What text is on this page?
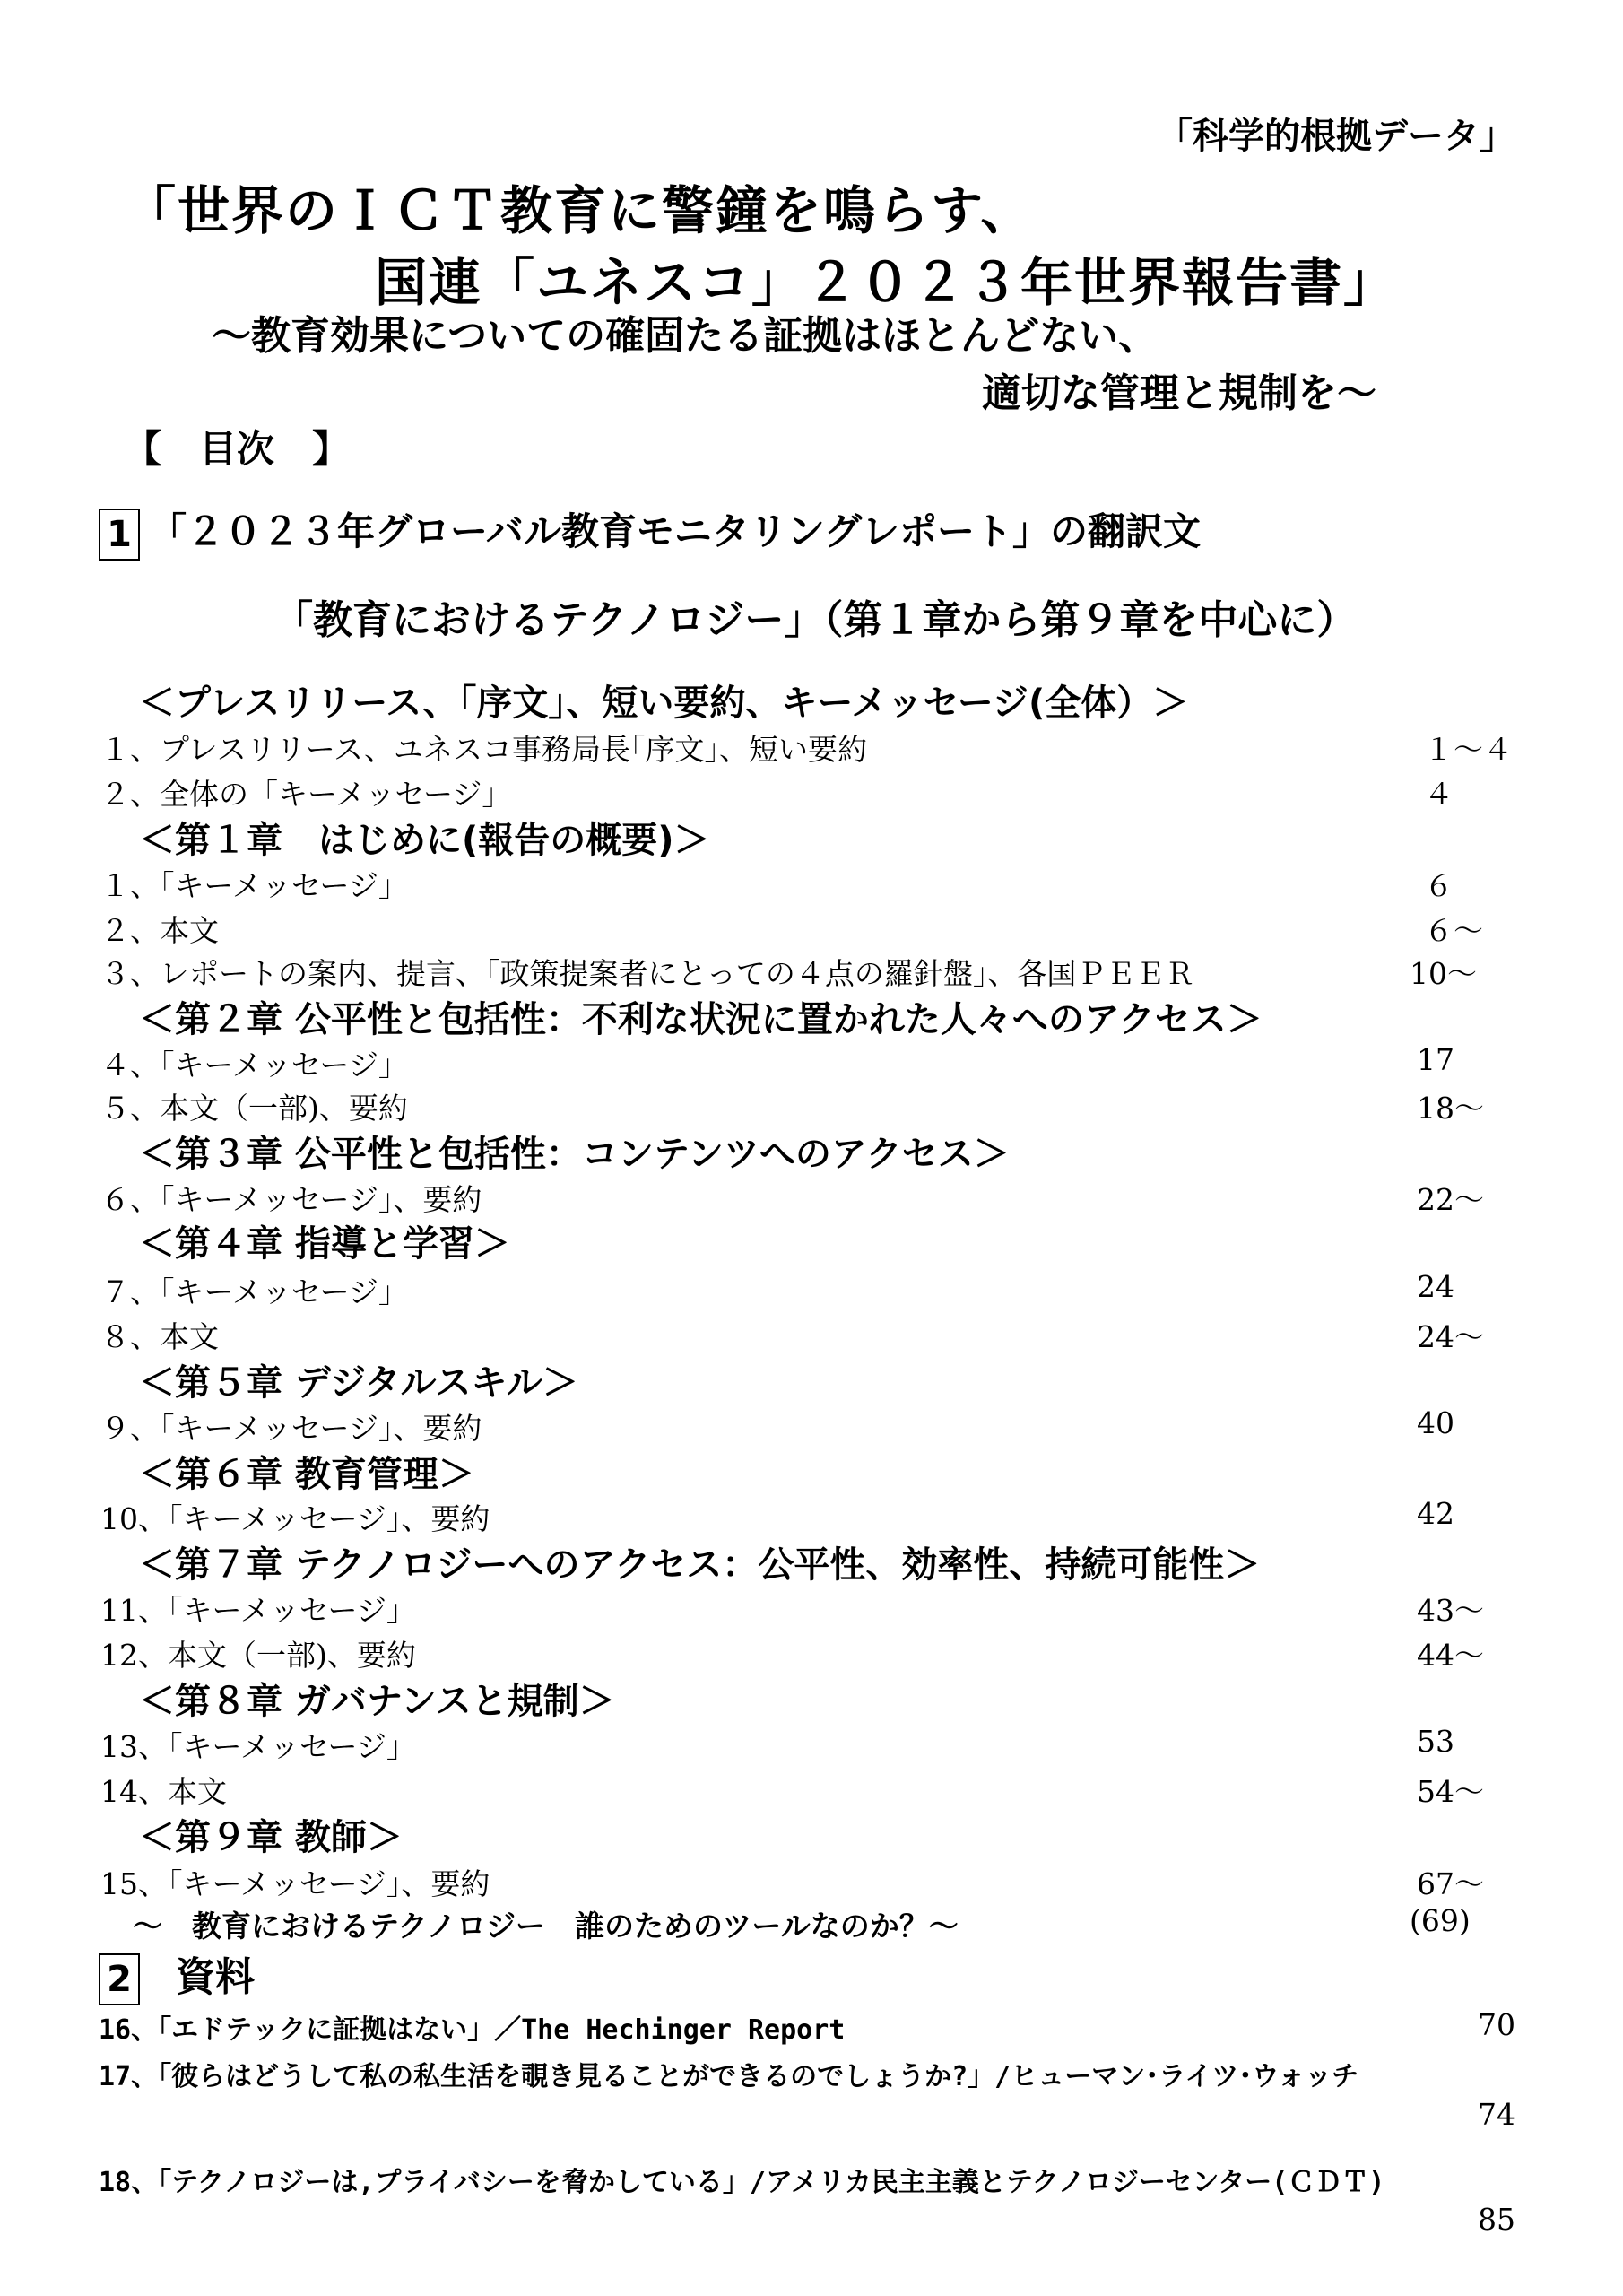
「科学的根拠データ」
「世界のＩＣＴ教育に警鐘を鳴らす、
国連「ユネスコ」２０２３年世界報告書」
～教育効果についての確固たる証拠はほとんどない、
適切な管理と規制を～
【　目次　】
1 「２０２３年グローバル教育モニタリングレポート」の翻訳文
「教育におけるテクノロジー」（第１章から第９章を中心に）
＜プレスリリース、「序文」、短い要約、キーメッセージ(全体）＞
＜第１章　はじめに(報告の概要)＞
＜第２章 公平性と包括性：不利な状況に置かれた人々へのアクセス＞
＜第３章 公平性と包括性：コンテンツへのアクセス＞
＜第４章 指導と学習＞
＜第５章 デジタルスキル＞
＜第６章 教育管理＞
＜第７章 テクノロジーへのアクセス：公平性、効率性、持続可能性＞
＜第８章 ガバナンスと規制＞
＜第９章 教師＞
１、プレスリリース、ユネスコ事務局長｢序文｣、短い要約	１～４
２、全体の「キーメッセージ」	４
１、「キーメッセージ」	６
２、本文	６～
３、レポートの案内、提言、｢政策提案者にとっての４点の羅針盤｣、各国ＰＥＥＲ	10～
４、｢キーメッセージ｣	17
５、本文（一部)、要約	18～
６、｢キーメッセージ｣、要約	22～
７、｢キーメッセージ｣	24
８、本文	24～
９、｢キーメッセージ｣、要約	40
10、｢キーメッセージ｣、要約	42
11、｢キーメッセージ｣	43～
12、本文（一部)、要約	44～
13、｢キーメッセージ｣	53
14、本文	54～
15、｢キーメッセージ｣、要約	67～
～　教育におけるテクノロジー　誰のためのツールなのか？～	(69)
2 資料
16、「エドテックに証拠はない」／The Hechinger Report	70
17、「彼らはどうして私の私生活を覗き見ることができるのでしょうか?」/ヒューマン･ライツ･ウォッチ
74
18、「テクノロジーは,プライバシーを脅かしている」/アメリカ民主主義とテクノロジーセンター(ＣＤＴ)
85
